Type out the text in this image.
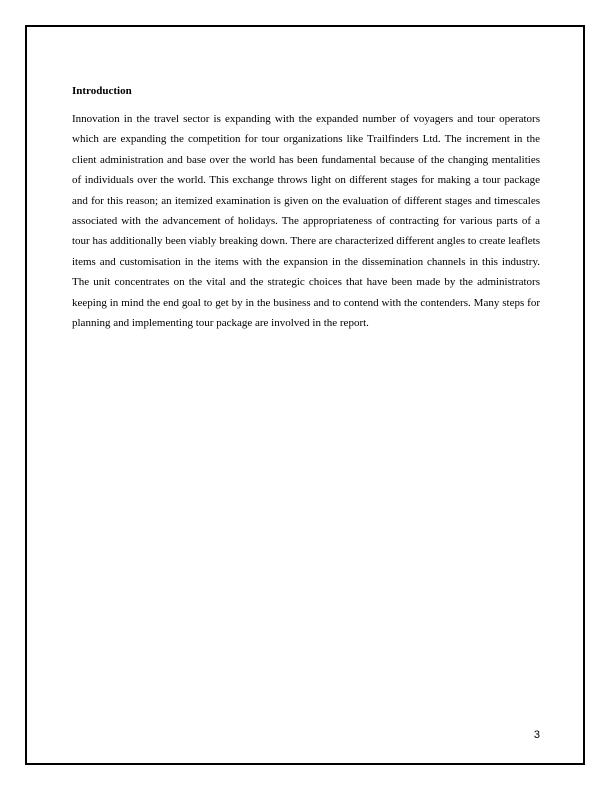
Introduction

Innovation in the travel sector is expanding with the expanded number of voyagers and tour operators which are expanding the competition for tour organizations like Trailfinders Ltd. The increment in the client administration and base over the world has been fundamental because of the changing mentalities of individuals over the world. This exchange throws light on different stages for making a tour package and for this reason; an itemized examination is given on the evaluation of different stages and timescales associated with the advancement of holidays. The appropriateness of contracting for various parts of a tour has additionally been viably breaking down. There are characterized different angles to create leaflets items and customisation in the items with the expansion in the dissemination channels in this industry. The unit concentrates on the vital and the strategic choices that have been made by the administrators keeping in mind the end goal to get by in the business and to contend with the contenders. Many steps for planning and implementing tour package are involved in the report.

3
